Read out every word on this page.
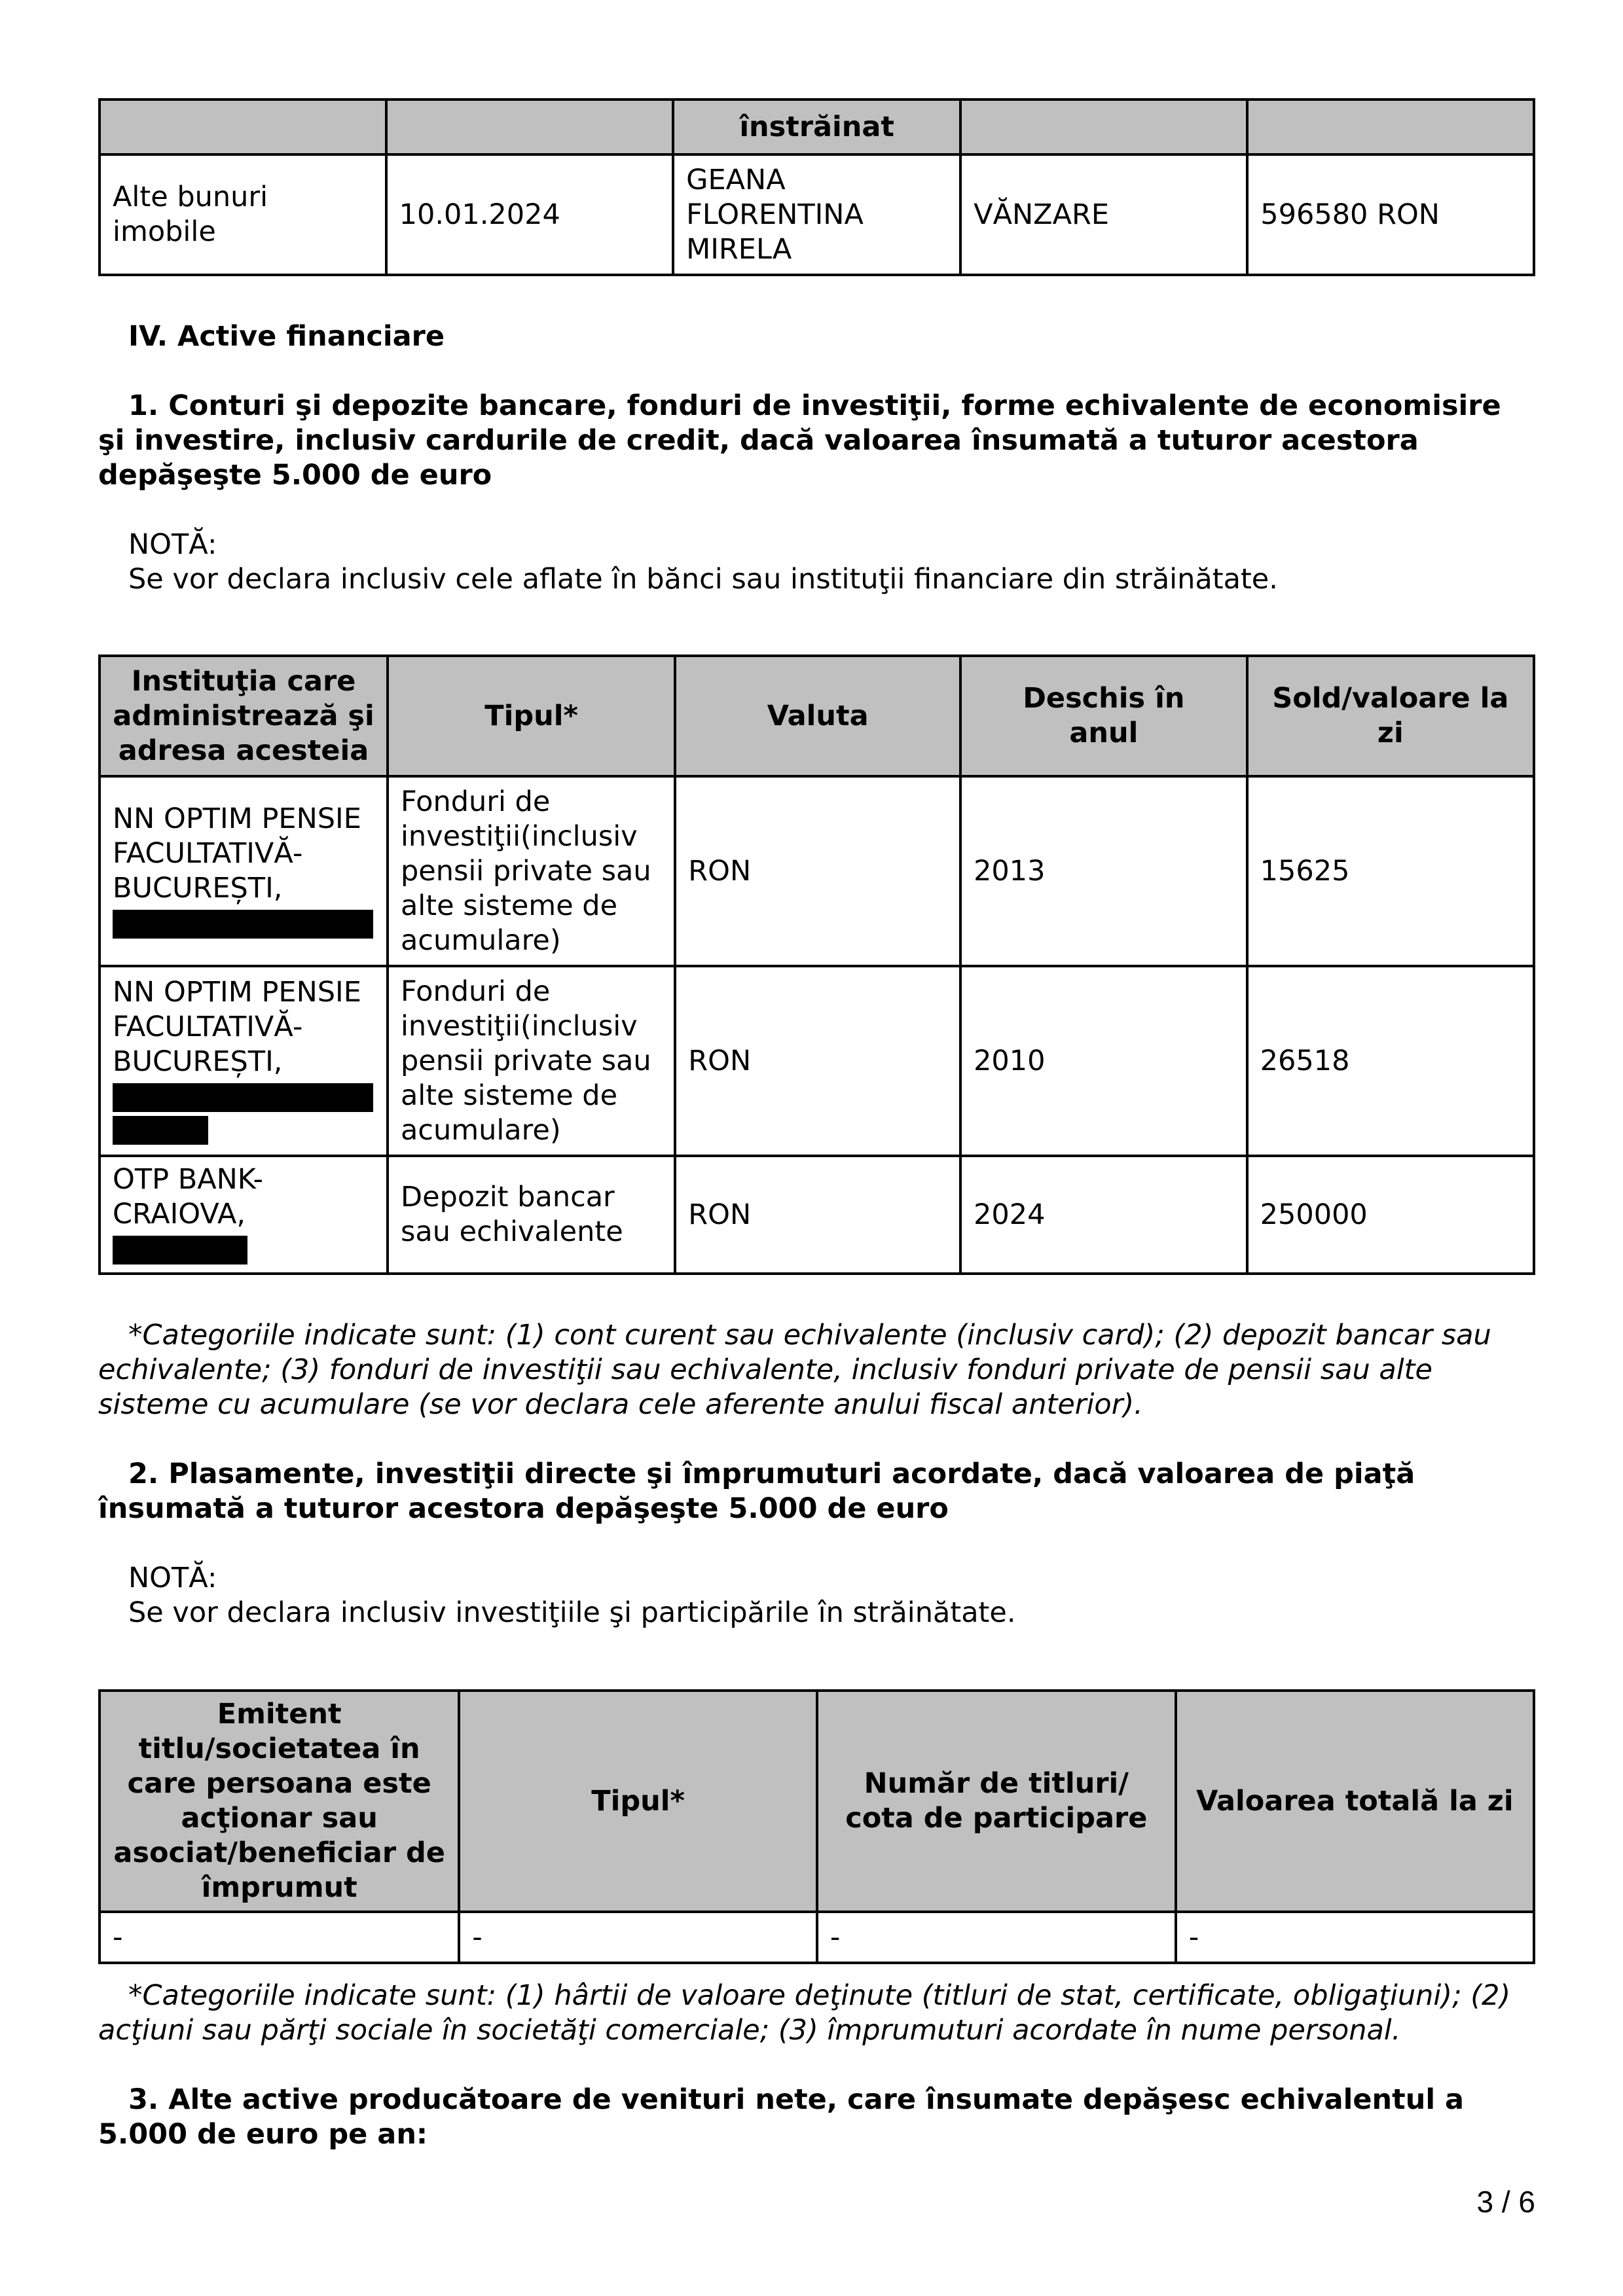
		înstrăinat		
Alte bunuri imobile	10.01.2024	GEANA FLORENTINA MIRELA	VĂNZARE	596580 RON

IV. Active financiare

1. Conturi şi depozite bancare, fonduri de investiţii, forme echivalente de economisire şi investire, inclusiv cardurile de credit, dacă valoarea însumată a tuturor acestora depăşeşte 5.000 de euro

NOTĂ:

Se vor declara inclusiv cele aflate în bănci sau instituţii financiare din străinătate.

Instituţia care administrează şi adresa acesteia	Tipul*	Valuta	Deschis în anul	Sold/valoare la zi
NN OPTIM PENSIE FACULTATIVĂ-BUCUREȘTI,	Fonduri de investiţii(inclusiv pensii private sau alte sisteme de acumulare)	RON	2013	15625
NN OPTIM PENSIE FACULTATIVĂ-BUCUREȘTI,	Fonduri de investiţii(inclusiv pensii private sau alte sisteme de acumulare)	RON	2010	26518

OTP BANK-CRAIOVA,	Depozit bancar sau echivalente	RON	2024	250000

*Categoriile indicate sunt: (1) cont curent sau echivalente (inclusiv card); (2) depozit bancar sau echivalente; (3) fonduri de investiţii sau echivalente, inclusiv fonduri private de pensii sau alte sisteme cu acumulare (se vor declara cele aferente anului fiscal anterior).

2. Plasamente, investiţii directe şi împrumuturi acordate, dacă valoarea de piaţă însumată a tuturor acestora depăşeşte 5.000 de euro

NOTĂ:

Se vor declara inclusiv investiţiile şi participările în străinătate.

Emitent titlu/societatea în care persoana este acţionar sau asociat/beneficiar de împrumut	Tipul*	Număr de titluri/ cota de participare	Valoarea totală la zi
-	-	-	-

*Categoriile indicate sunt: (1) hârtii de valoare deţinute (titluri de stat, certificate, obligaţiuni); (2) acţiuni sau părţi sociale în societăţi comerciale; (3) împrumuturi acordate în nume personal.

3. Alte active producătoare de venituri nete, care însumate depăşesc echivalentul a 5.000 de euro pe an:

3 / 6
